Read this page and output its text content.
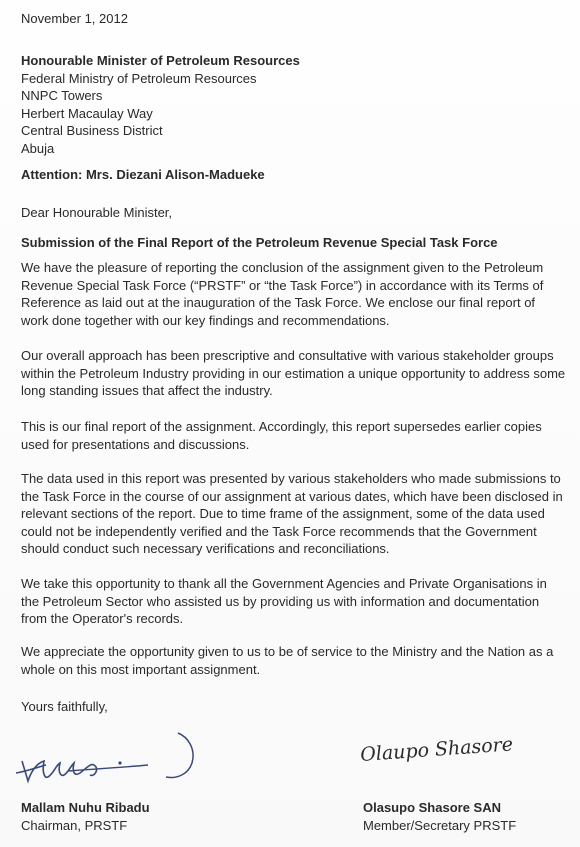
November 1, 2012

Honourable Minister of Petroleum Resources
Federal Ministry of Petroleum Resources
NNPC Towers
Herbert Macaulay Way
Central Business District
Abuja

Attention: Mrs. Diezani Alison-Madueke

Dear Honourable Minister,

Submission of the Final Report of the Petroleum Revenue Special Task Force

We have the pleasure of reporting the conclusion of the assignment given to the Petroleum Revenue Special Task Force (“PRSTF” or “the Task Force”) in accordance with its Terms of Reference as laid out at the inauguration of the Task Force. We enclose our final report of work done together with our key findings and recommendations.

Our overall approach has been prescriptive and consultative with various stakeholder groups within the Petroleum Industry providing in our estimation a unique opportunity to address some long standing issues that affect the industry.

This is our final report of the assignment. Accordingly, this report supersedes earlier copies used for presentations and discussions.

The data used in this report was presented by various stakeholders who made submissions to the Task Force in the course of our assignment at various dates, which have been disclosed in relevant sections of the report. Due to time frame of the assignment, some of the data used could not be independently verified and the Task Force recommends that the Government should conduct such necessary verifications and reconciliations.

We take this opportunity to thank all the Government Agencies and Private Organisations in the Petroleum Sector who assisted us by providing us with information and documentation from the Operator's records.

We appreciate the opportunity given to us to be of service to the Ministry and the Nation as a whole on this most important assignment.

Yours faithfully,

Olaupo Shasore
Mallam Nuhu Ribadu
Chairman, PRSTF
Olasupo Shasore SAN
Member/Secretary PRSTF
